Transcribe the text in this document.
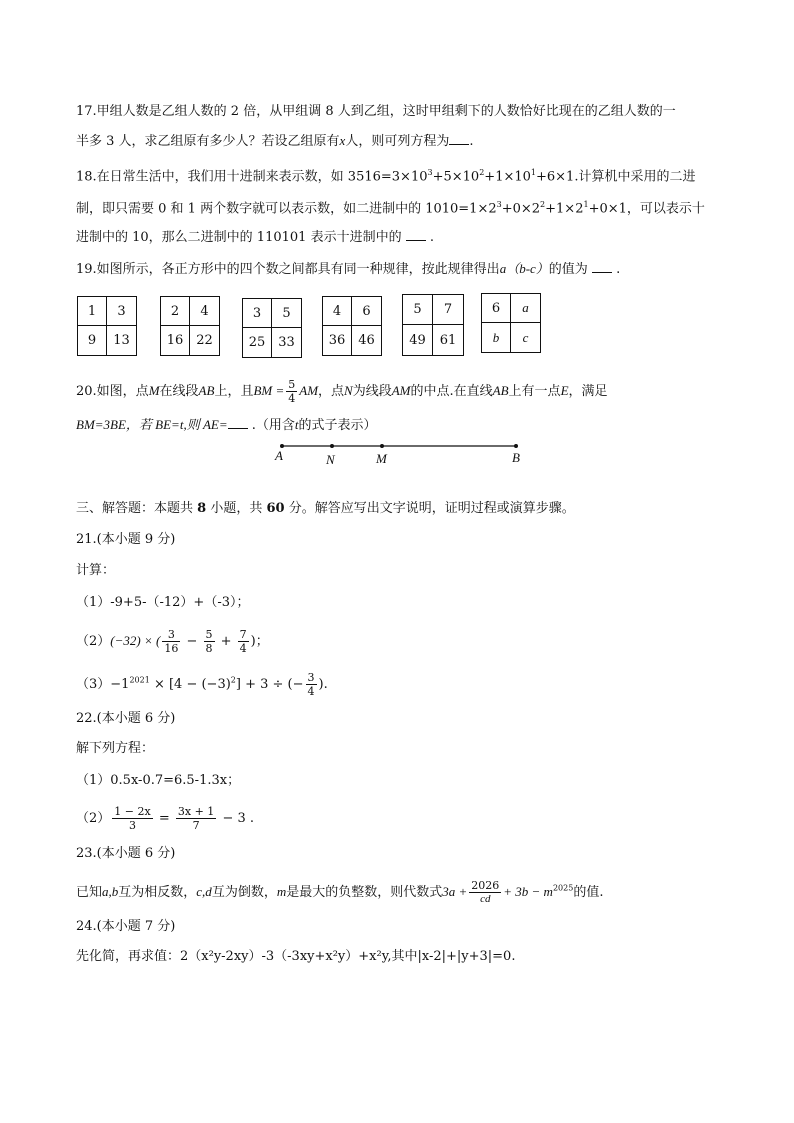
17.甲组人数是乙组人数的 2 倍，从甲组调 8 人到乙组，这时甲组剩下的人数恰好比现在的乙组人数的一
半多 3 人，求乙组原有多少人？若设乙组原有x人，则可列方程为 .
18.在日常生活中，我们用十进制来表示数，如 $3516=3\times 10^3+5\times 10^2+1\times 10^1+6\times 1$.计算机中采用的二进
制，即只需要 0 和 1 两个数字就可以表示数，如二进制中的 $1010=1\times 2^3+0\times 2^2+1\times 2^1+0\times 1$，可以表示十
进制中的 10，那么二进制中的 110101 表示十进制中的 .
19.如图所示，各正方形中的四个数之间都具有同一种规律，按此规律得出a（b-c）的值为 .
1	3
9	13
2	4
16 22
3	5
25 33
4	6
36 46
5	7
49	61
6	a
b	c
20.如图，点M在线段AB上，且BM = $\frac{5}{4}$ AM，点N为线段AM的中点.在直线AB上有一点E，满足
BM=3BE，若 BE=t,则 AE= .（用含t的式子表示）
A	N	M	B
三、解答题：本题共 8 小题，共 60 分。解答应写出文字说明，证明过程或演算步骤。
21.(本小题 9 分)
计算：
（1）-9+5-（-12）+（-3）；
（2）(−32) × ( $\frac{3}{16} - \frac{5}{8} + \frac{7}{4}$ )；
$(3)-1^{2021} \times [4 - (-3)^2] + 3$ ÷ (− $\frac{3}{4}$ ).
22.(本小题 6 分)
解下列方程：
（1）0.5x-0.7=6.5-1.3x；
$(2) \frac{1 - 2x}{3} = \frac{3x + 1}{7} - 3$ .
23.(本小题 6 分)
已知a,b互为相反数，c,d互为倒数，m是最大的负整数，则代数式$3a + \frac{2026}{cd} + 3b - m^{2025}$的值.
24.(本小题 7 分)
先化简，再求值：2（x²y-2xy）-3（-3xy+x²y）+x²y,其中|x-2|+|y+3|=0.
